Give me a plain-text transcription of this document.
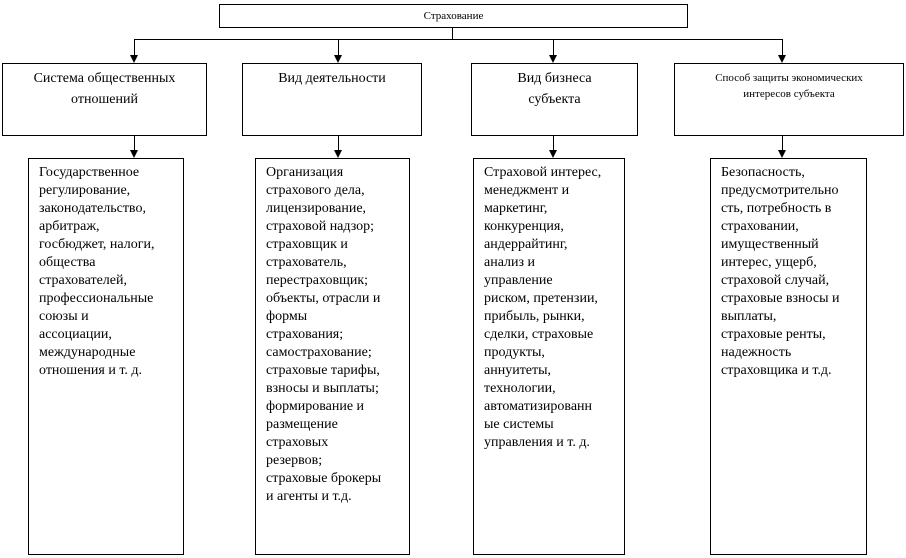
Страхование
Система общественных
отношений
Вид деятельности	Вид бизнеса
субъекта
Способ защиты экономических
интересов субъекта
Государственное
регулирование,
законодательство,
арбитраж,
госбюджет, налоги,
общества
страхователей,
профессиональные
союзы и
ассоциации,
международные
отношения и т. д.
Организация
страхового дела,
лицензирование,
страховой надзор;
страховщик и
страхователь,
перестраховщик;
объекты, отрасли и
формы
страхования;
самострахование;
страховые тарифы,
взносы и выплаты;
формирование и
размещение
страховых
резервов;
страховые брокеры
и агенты и т.д.
Страховой интерес,
менеджмент и
маркетинг,
конкуренция,
андеррайтинг,
анализ и
управление
риском, претензии,
прибыль, рынки,
сделки, страховые
продукты,
аннуитеты,
технологии,
автоматизированн
ые системы
управления и т. д.
Безопасность,
предусмотрительно
сть, потребность в
страховании,
имущественный
интерес, ущерб,
страховой случай,
страховые взносы и
выплаты,
страховые ренты,
надежность
страховщика и т.д.
